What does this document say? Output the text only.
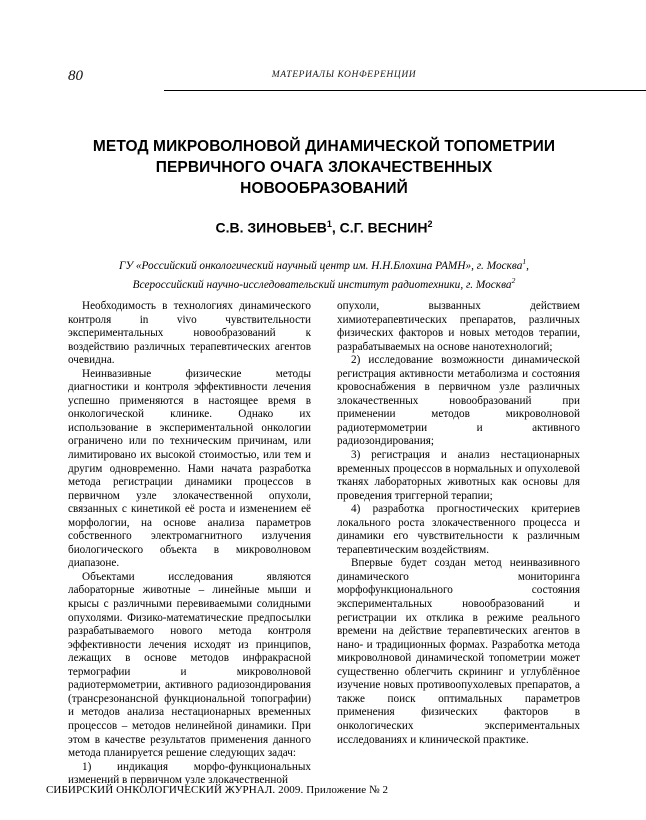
80	МАТЕРИАЛЫ КОНФЕРЕНЦИИ
МЕТОД МИКРОВОЛНОВОЙ ДИНАМИЧЕСКОЙ ТОПОМЕТРИИ
ПЕРВИЧНОГО ОЧАГА ЗЛОКАЧЕСТВЕННЫХ
НОВООБРАЗОВАНИЙ
С.В. ЗИНОВЬЕВ$^1$, С.Г. ВЕСНИН$^2$
ГУ «Российский онкологический научный центр им. Н.Н.Блохина РАМН», г. Москва$^1$,
Всероссийский научно-исследовательский институт радиотехники, г. Москва$^2$

Необходимость в технологиях динамического контроля in vivo чувствительности экспериментальных новообразований к воздействию различных терапевтических агентов очевидна.

Неинвазивные физические методы диагностики и контроля эффективности лечения успешно применяются в настоящее время в онкологической клинике. Однако их использование в экспериментальной онкологии ограничено или по техническим причинам, или лимитировано их высокой стоимостью, или тем и другим одновременно. Нами начата разработка метода регистрации динамики процессов в первичном узле злокачественной опухоли, связанных с кинетикой её роста и изменением её морфологии, на основе анализа параметров собственного электромагнитного излучения биологического объекта в микроволновом диапазоне.

Объектами исследования являются лабораторные животные – линейные мыши и крысы с различными перевиваемыми солидными опухолями. Физико-математические предпосылки разрабатываемого нового метода контроля эффективности лечения исходят из принципов, лежащих в основе методов инфракрасной термографии и микроволновой радиотермометрии, активного радиозондирования (трансрезонансной функциональной топографии) и методов анализа нестационарных временных процессов – методов нелинейной динамики. При этом в качестве результатов применения данного метода планируется решение следующих задач:

1) индикация морфо-функциональных изменений в первичном узле злокачественной

опухоли, вызванных действием химиотерапевтических препаратов, различных физических факторов и новых методов терапии, разрабатываемых на основе нанотехнологий;

2) исследование возможности динамической регистрация активности метаболизма и состояния кровоснабжения в первичном узле различных злокачественных новообразований при применении методов микроволновой радиотермометрии и активного радиозондирования;

3) регистрация и анализ нестационарных временных процессов в нормальных и опухолевой тканях лабораторных животных как основы для проведения триггерной терапии;

4) разработка прогностических критериев локального роста злокачественного процесса и динамики его чувствительности к различным терапевтическим воздействиям.

Впервые будет создан метод неинвазивного динамического мониторинга морфофункционального состояния экспериментальных новообразований и регистрации их отклика в режиме реального времени на действие терапевтических агентов в нано- и традиционных формах. Разработка метода микроволновой динамической топометрии может существенно облегчить скрининг и углублённое изучение новых противоопухолевых препаратов, а также поиск оптимальных параметров применения физических факторов в онкологических экспериментальных исследованиях и клинической практике.

СИБИРСКИЙ ОНКОЛОГИЧЕСКИЙ ЖУРНАЛ. 2009. Приложение № 2
